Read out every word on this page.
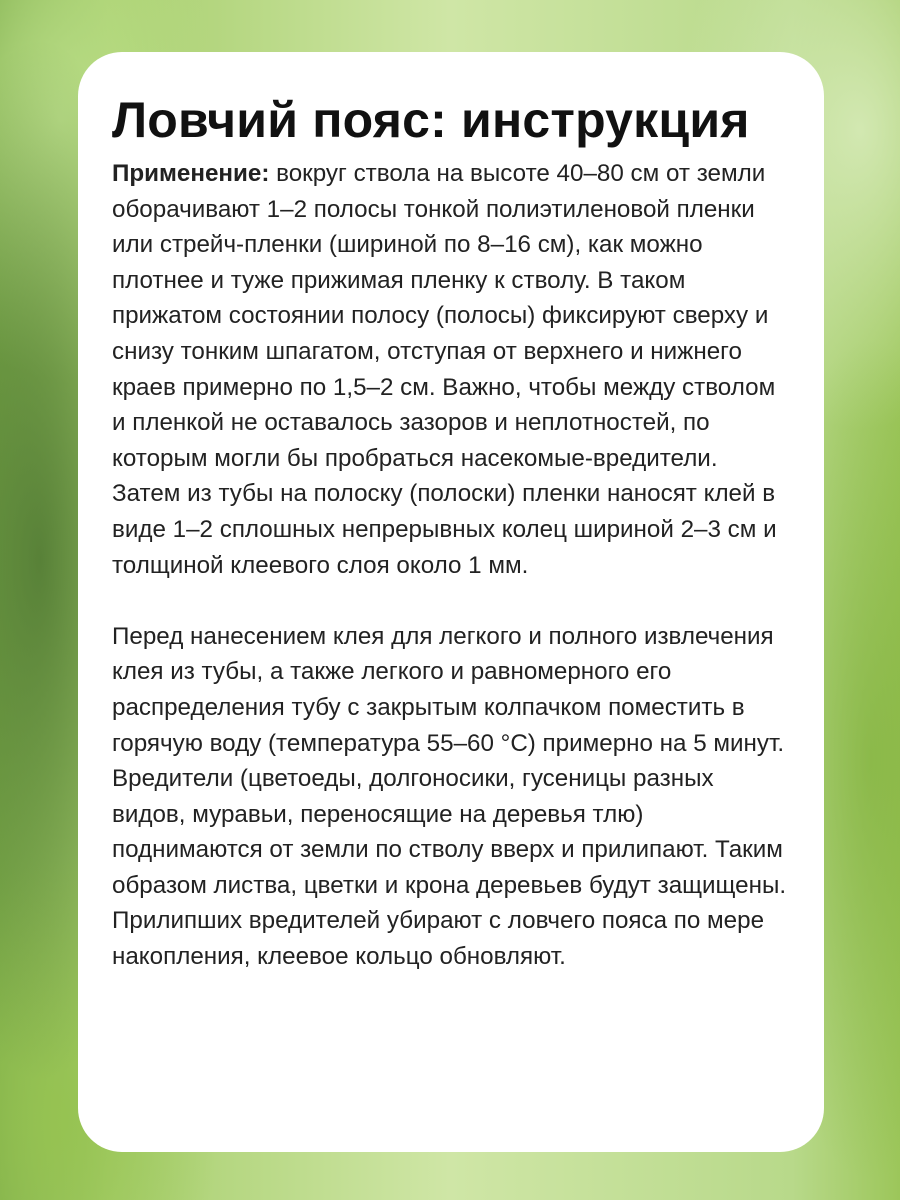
Ловчий пояс: инструкция

Применение: вокруг ствола на высоте 40–80 см от земли оборачивают 1–2 полосы тонкой полиэтиленовой пленки или стрейч-пленки (шириной по 8–16 см), как можно плотнее и туже прижимая пленку к стволу. В таком прижатом состоянии полосу (полосы) фиксируют сверху и снизу тонким шпагатом, отступая от верхнего и нижнего краев примерно по 1,5–2 см. Важно, чтобы между стволом и пленкой не оставалось зазоров и неплотностей, по которым могли бы пробраться насекомые-вредители. Затем из тубы на полоску (полоски) пленки наносят клей в виде 1–2 сплошных непрерывных колец шириной 2–3 см и толщиной клеевого слоя около 1 мм.

Перед нанесением клея для легкого и полного извлечения клея из тубы, а также легкого и равномерного его распределения тубу с закрытым колпачком поместить в горячую воду (температура 55–60 °C) примерно на 5 минут. Вредители (цветоеды, долгоносики, гусеницы разных видов, муравьи, переносящие на деревья тлю) поднимаются от земли по стволу вверх и прилипают. Таким образом листва, цветки и крона деревьев будут защищены. Прилипших вредителей убирают с ловчего пояса по мере накопления, клеевое кольцо обновляют.
